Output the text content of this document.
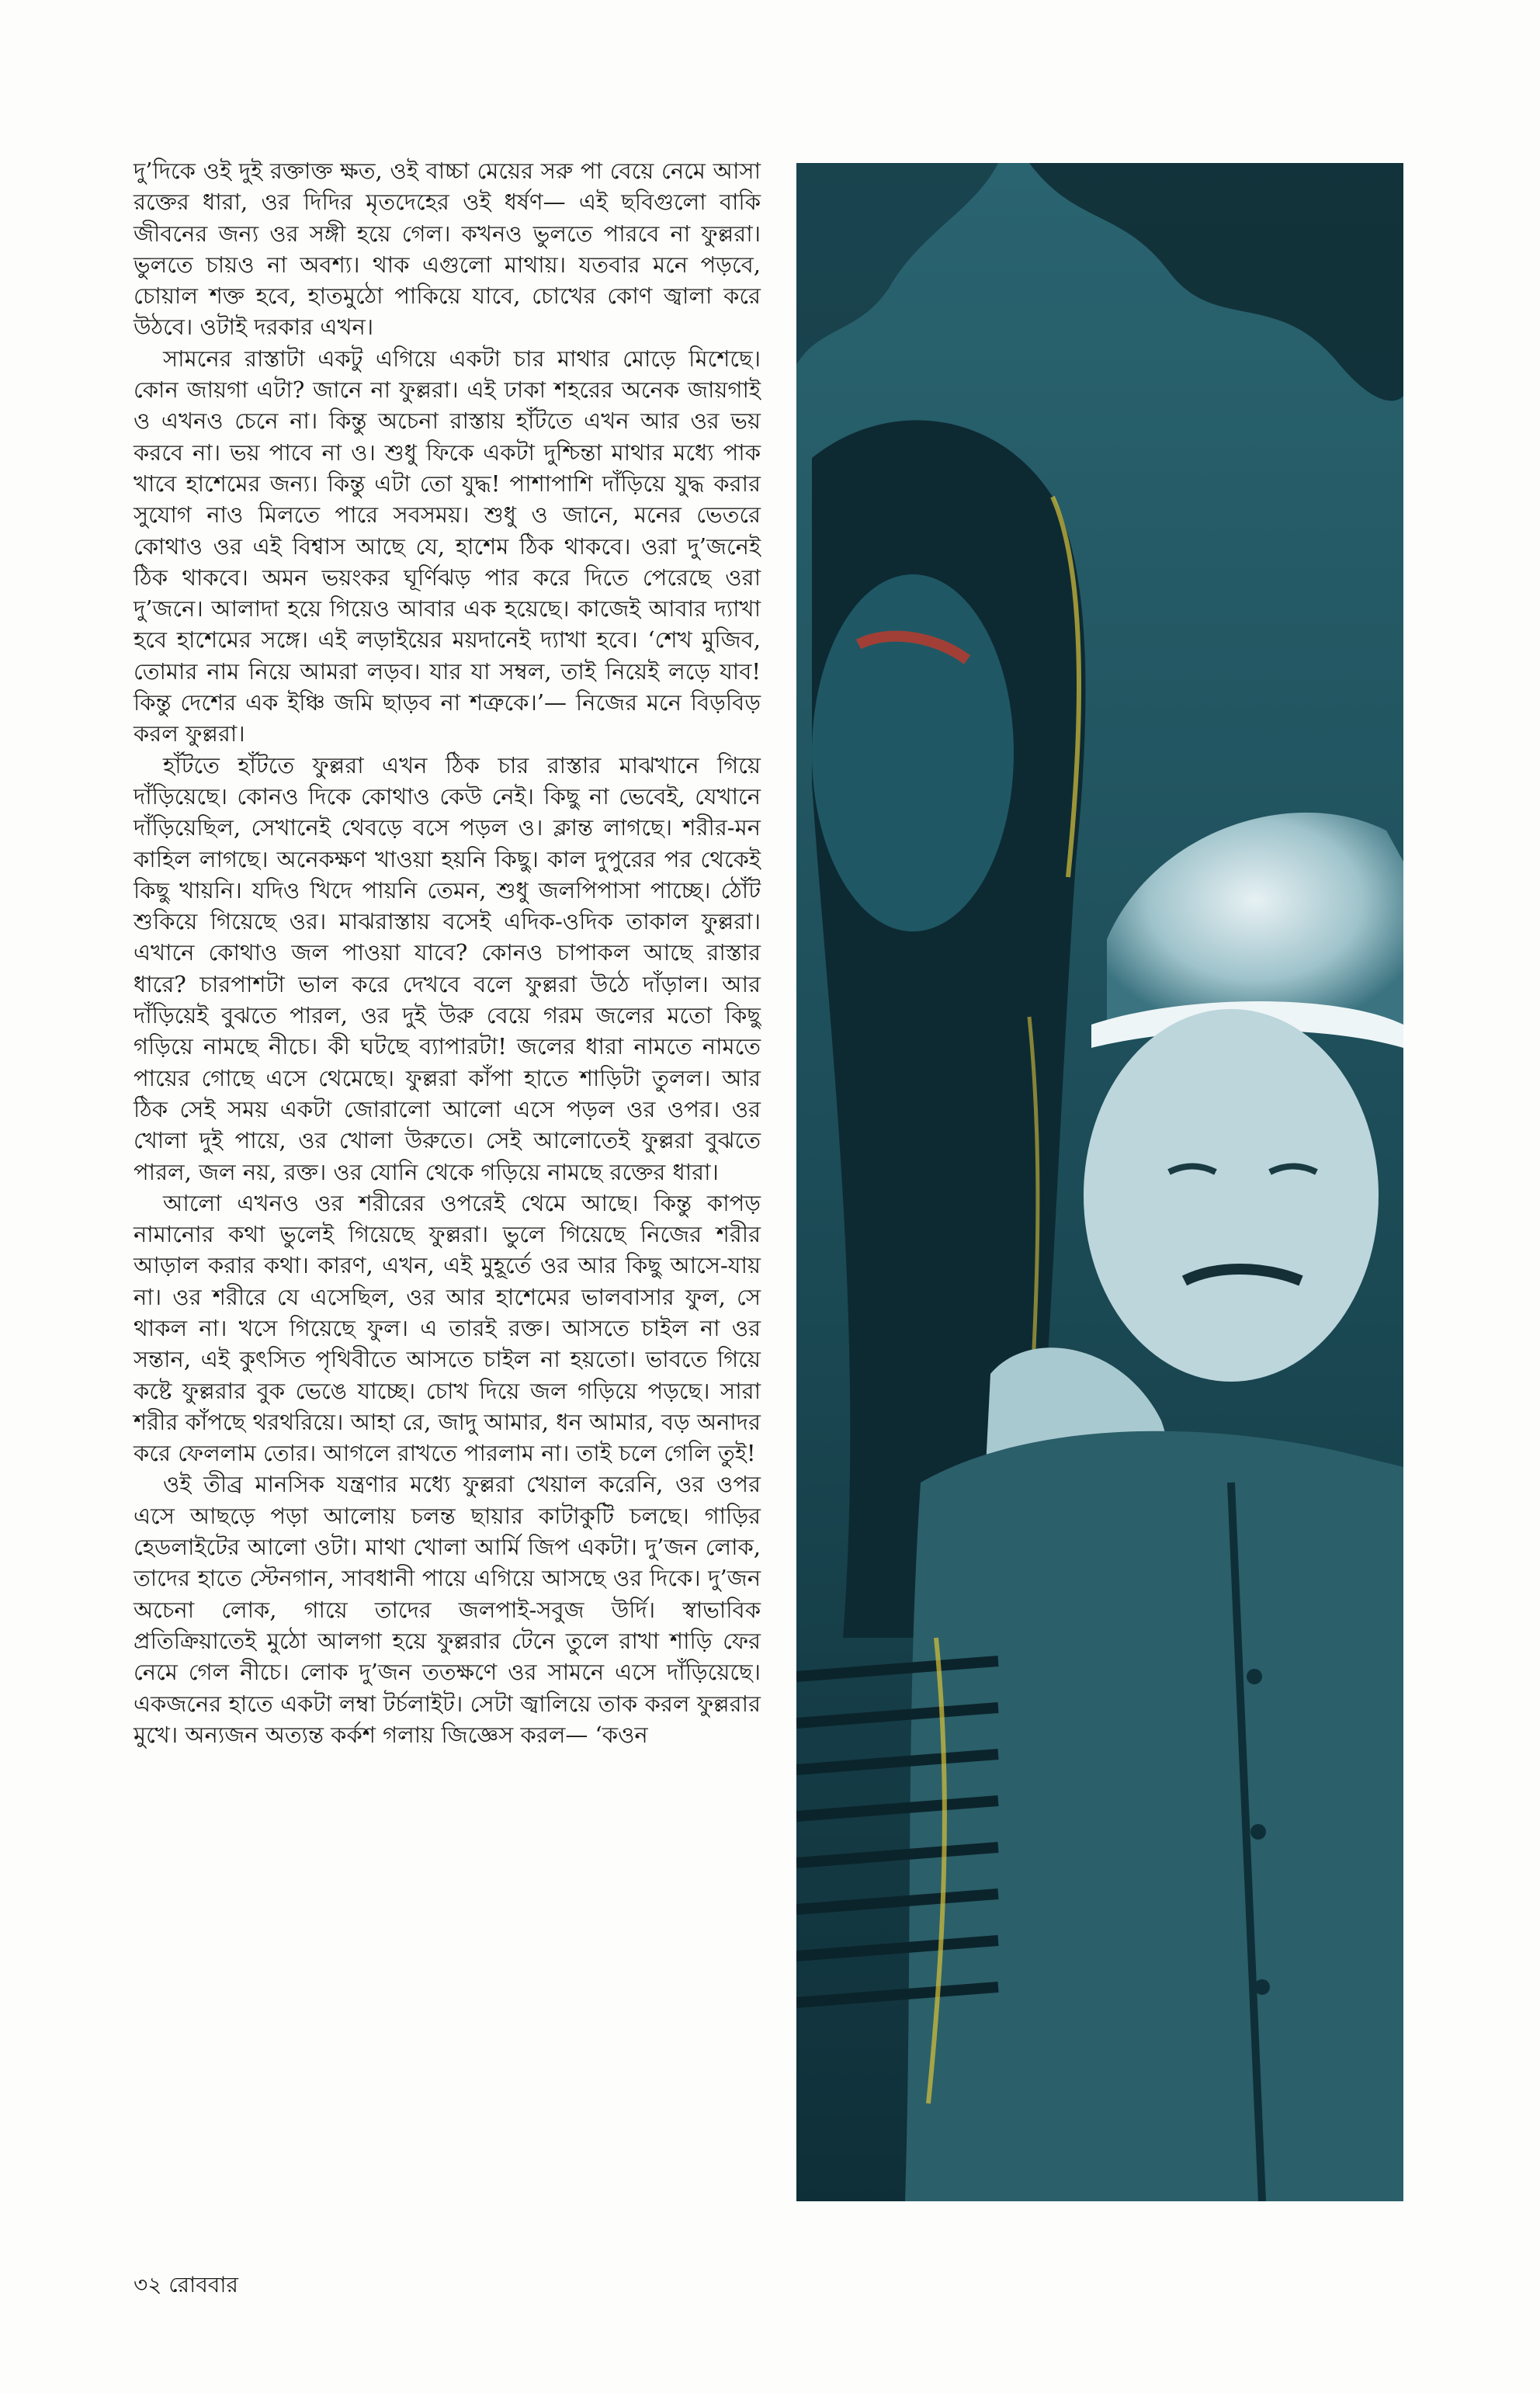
দু’দিকে ওই দুই রক্তাক্ত ক্ষত, ওই বাচ্চা মেয়ের সরু পা বেয়ে নেমে আসা রক্তের ধারা, ওর দিদির মৃতদেহের ওই ধর্ষণ— এই ছবিগুলো বাকি জীবনের জন্য ওর সঙ্গী হয়ে গেল। কখনও ভুলতে পারবে না ফুল্লরা। ভুলতে চায়ও না অবশ্য। থাক এগুলো মাথায়। যতবার মনে পড়বে, চোয়াল শক্ত হবে, হাতমুঠো পাকিয়ে যাবে, চোখের কোণ জ্বালা করে উঠবে। ওটাই দরকার এখন।

সামনের রাস্তাটা একটু এগিয়ে একটা চার মাথার মোড়ে মিশেছে। কোন জায়গা এটা? জানে না ফুল্লরা। এই ঢাকা শহরের অনেক জায়গাই ও এখনও চেনে না। কিন্তু অচেনা রাস্তায় হাঁটতে এখন আর ওর ভয় করবে না। ভয় পাবে না ও। শুধু ফিকে একটা দুশ্চিন্তা মাথার মধ্যে পাক খাবে হাশেমের জন্য। কিন্তু এটা তো যুদ্ধ! পাশাপাশি দাঁড়িয়ে যুদ্ধ করার সুযোগ নাও মিলতে পারে সবসময়। শুধু ও জানে, মনের ভেতরে কোথাও ওর এই বিশ্বাস আছে যে, হাশেম ঠিক থাকবে। ওরা দু’জনেই ঠিক থাকবে। অমন ভয়ংকর ঘূর্ণিঝড় পার করে দিতে পেরেছে ওরা দু’জনে। আলাদা হয়ে গিয়েও আবার এক হয়েছে। কাজেই আবার দ্যাখা হবে হাশেমের সঙ্গে। এই লড়াইয়ের ময়দানেই দ্যাখা হবে। ‘শেখ মুজিব, তোমার নাম নিয়ে আমরা লড়ব। যার যা সম্বল, তাই নিয়েই লড়ে যাব! কিন্তু দেশের এক ইঞ্চি জমি ছাড়ব না শত্রুকে।’— নিজের মনে বিড়বিড় করল ফুল্লরা।

হাঁটতে হাঁটতে ফুল্লরা এখন ঠিক চার রাস্তার মাঝখানে গিয়ে দাঁড়িয়েছে। কোনও দিকে কোথাও কেউ নেই। কিছু না ভেবেই, যেখানে দাঁড়িয়েছিল, সেখানেই থেবড়ে বসে পড়ল ও। ক্লান্ত লাগছে। শরীর-মন কাহিল লাগছে। অনেকক্ষণ খাওয়া হয়নি কিছু। কাল দুপুরের পর থেকেই কিছু খায়নি। যদিও খিদে পায়নি তেমন, শুধু জলপিপাসা পাচ্ছে। ঠোঁট শুকিয়ে গিয়েছে ওর। মাঝরাস্তায় বসেই এদিক-ওদিক তাকাল ফুল্লরা। এখানে কোথাও জল পাওয়া যাবে? কোনও চাপাকল আছে রাস্তার ধারে? চারপাশটা ভাল করে দেখবে বলে ফুল্লরা উঠে দাঁড়াল। আর দাঁড়িয়েই বুঝতে পারল, ওর দুই উরু বেয়ে গরম জলের মতো কিছু গড়িয়ে নামছে নীচে। কী ঘটছে ব্যাপারটা! জলের ধারা নামতে নামতে পায়ের গোছে এসে থেমেছে। ফুল্লরা কাঁপা হাতে শাড়িটা তুলল। আর ঠিক সেই সময় একটা জোরালো আলো এসে পড়ল ওর ওপর। ওর খোলা দুই পায়ে, ওর খোলা উরুতে। সেই আলোতেই ফুল্লরা বুঝতে পারল, জল নয়, রক্ত। ওর যোনি থেকে গড়িয়ে নামছে রক্তের ধারা।

আলো এখনও ওর শরীরের ওপরেই থেমে আছে। কিন্তু কাপড় নামানোর কথা ভুলেই গিয়েছে ফুল্লরা। ভুলে গিয়েছে নিজের শরীর আড়াল করার কথা। কারণ, এখন, এই মুহূর্তে ওর আর কিছু আসে-যায় না। ওর শরীরে যে এসেছিল, ওর আর হাশেমের ভালবাসার ফুল, সে থাকল না। খসে গিয়েছে ফুল। এ তারই রক্ত। আসতে চাইল না ওর সন্তান, এই কুৎসিত পৃথিবীতে আসতে চাইল না হয়তো। ভাবতে গিয়ে কষ্টে ফুল্লরার বুক ভেঙে যাচ্ছে। চোখ দিয়ে জল গড়িয়ে পড়ছে। সারা শরীর কাঁপছে থরথরিয়ে। আহা রে, জাদু আমার, ধন আমার, বড় অনাদর করে ফেললাম তোর। আগলে রাখতে পারলাম না। তাই চলে গেলি তুই!

ওই তীব্র মানসিক যন্ত্রণার মধ্যে ফুল্লরা খেয়াল করেনি, ওর ওপর এসে আছড়ে পড়া আলোয় চলন্ত ছায়ার কাটাকুটি চলছে। গাড়ির হেডলাইটের আলো ওটা। মাথা খোলা আর্মি জিপ একটা। দু’জন লোক, তাদের হাতে স্টেনগান, সাবধানী পায়ে এগিয়ে আসছে ওর দিকে। দু’জন অচেনা লোক, গায়ে তাদের জলপাই-সবুজ উর্দি। স্বাভাবিক প্রতিক্রিয়াতেই মুঠো আলগা হয়ে ফুল্লরার টেনে তুলে রাখা শাড়ি ফের নেমে গেল নীচে। লোক দু’জন ততক্ষণে ওর সামনে এসে দাঁড়িয়েছে। একজনের হাতে একটা লম্বা টর্চলাইট। সেটা জ্বালিয়ে তাক করল ফুল্লরার মুখে। অন্যজন অত্যন্ত কর্কশ গলায় জিজ্ঞেস করল— ‘কওন

৩২ রোববার
